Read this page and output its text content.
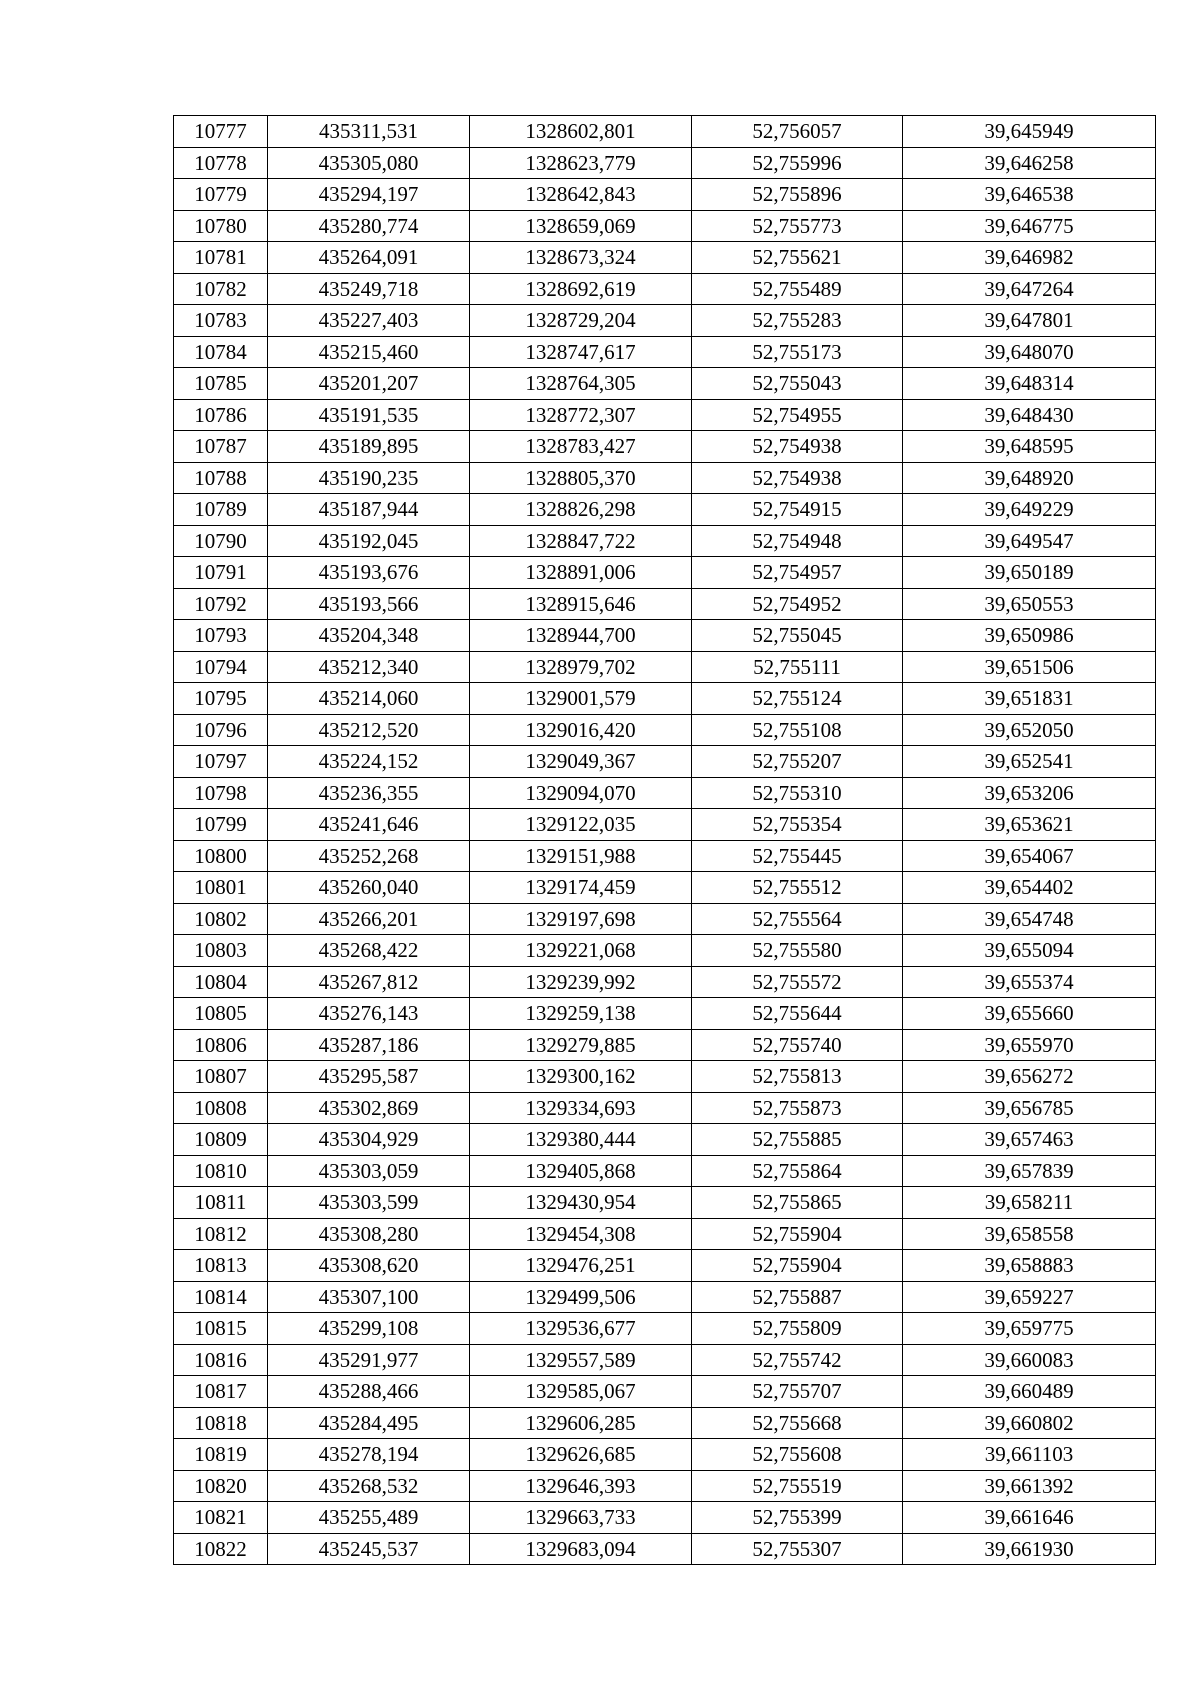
10777	435311,531	1328602,801	52,756057	39,645949
10778	435305,080	1328623,779	52,755996	39,646258
10779	435294,197	1328642,843	52,755896	39,646538
10780	435280,774	1328659,069	52,755773	39,646775
10781	435264,091	1328673,324	52,755621	39,646982
10782	435249,718	1328692,619	52,755489	39,647264
10783	435227,403	1328729,204	52,755283	39,647801
10784	435215,460	1328747,617	52,755173	39,648070
10785	435201,207	1328764,305	52,755043	39,648314
10786	435191,535	1328772,307	52,754955	39,648430
10787	435189,895	1328783,427	52,754938	39,648595
10788	435190,235	1328805,370	52,754938	39,648920
10789	435187,944	1328826,298	52,754915	39,649229
10790	435192,045	1328847,722	52,754948	39,649547
10791	435193,676	1328891,006	52,754957	39,650189
10792	435193,566	1328915,646	52,754952	39,650553
10793	435204,348	1328944,700	52,755045	39,650986
10794	435212,340	1328979,702	52,755111	39,651506
10795	435214,060	1329001,579	52,755124	39,651831
10796	435212,520	1329016,420	52,755108	39,652050
10797	435224,152	1329049,367	52,755207	39,652541
10798	435236,355	1329094,070	52,755310	39,653206
10799	435241,646	1329122,035	52,755354	39,653621
10800	435252,268	1329151,988	52,755445	39,654067
10801	435260,040	1329174,459	52,755512	39,654402
10802	435266,201	1329197,698	52,755564	39,654748
10803	435268,422	1329221,068	52,755580	39,655094
10804	435267,812	1329239,992	52,755572	39,655374
10805	435276,143	1329259,138	52,755644	39,655660
10806	435287,186	1329279,885	52,755740	39,655970
10807	435295,587	1329300,162	52,755813	39,656272
10808	435302,869	1329334,693	52,755873	39,656785
10809	435304,929	1329380,444	52,755885	39,657463
10810	435303,059	1329405,868	52,755864	39,657839
10811	435303,599	1329430,954	52,755865	39,658211
10812	435308,280	1329454,308	52,755904	39,658558
10813	435308,620	1329476,251	52,755904	39,658883
10814	435307,100	1329499,506	52,755887	39,659227
10815	435299,108	1329536,677	52,755809	39,659775
10816	435291,977	1329557,589	52,755742	39,660083
10817	435288,466	1329585,067	52,755707	39,660489
10818	435284,495	1329606,285	52,755668	39,660802
10819	435278,194	1329626,685	52,755608	39,661103
10820	435268,532	1329646,393	52,755519	39,661392
10821	435255,489	1329663,733	52,755399	39,661646
10822	435245,537	1329683,094	52,755307	39,661930
